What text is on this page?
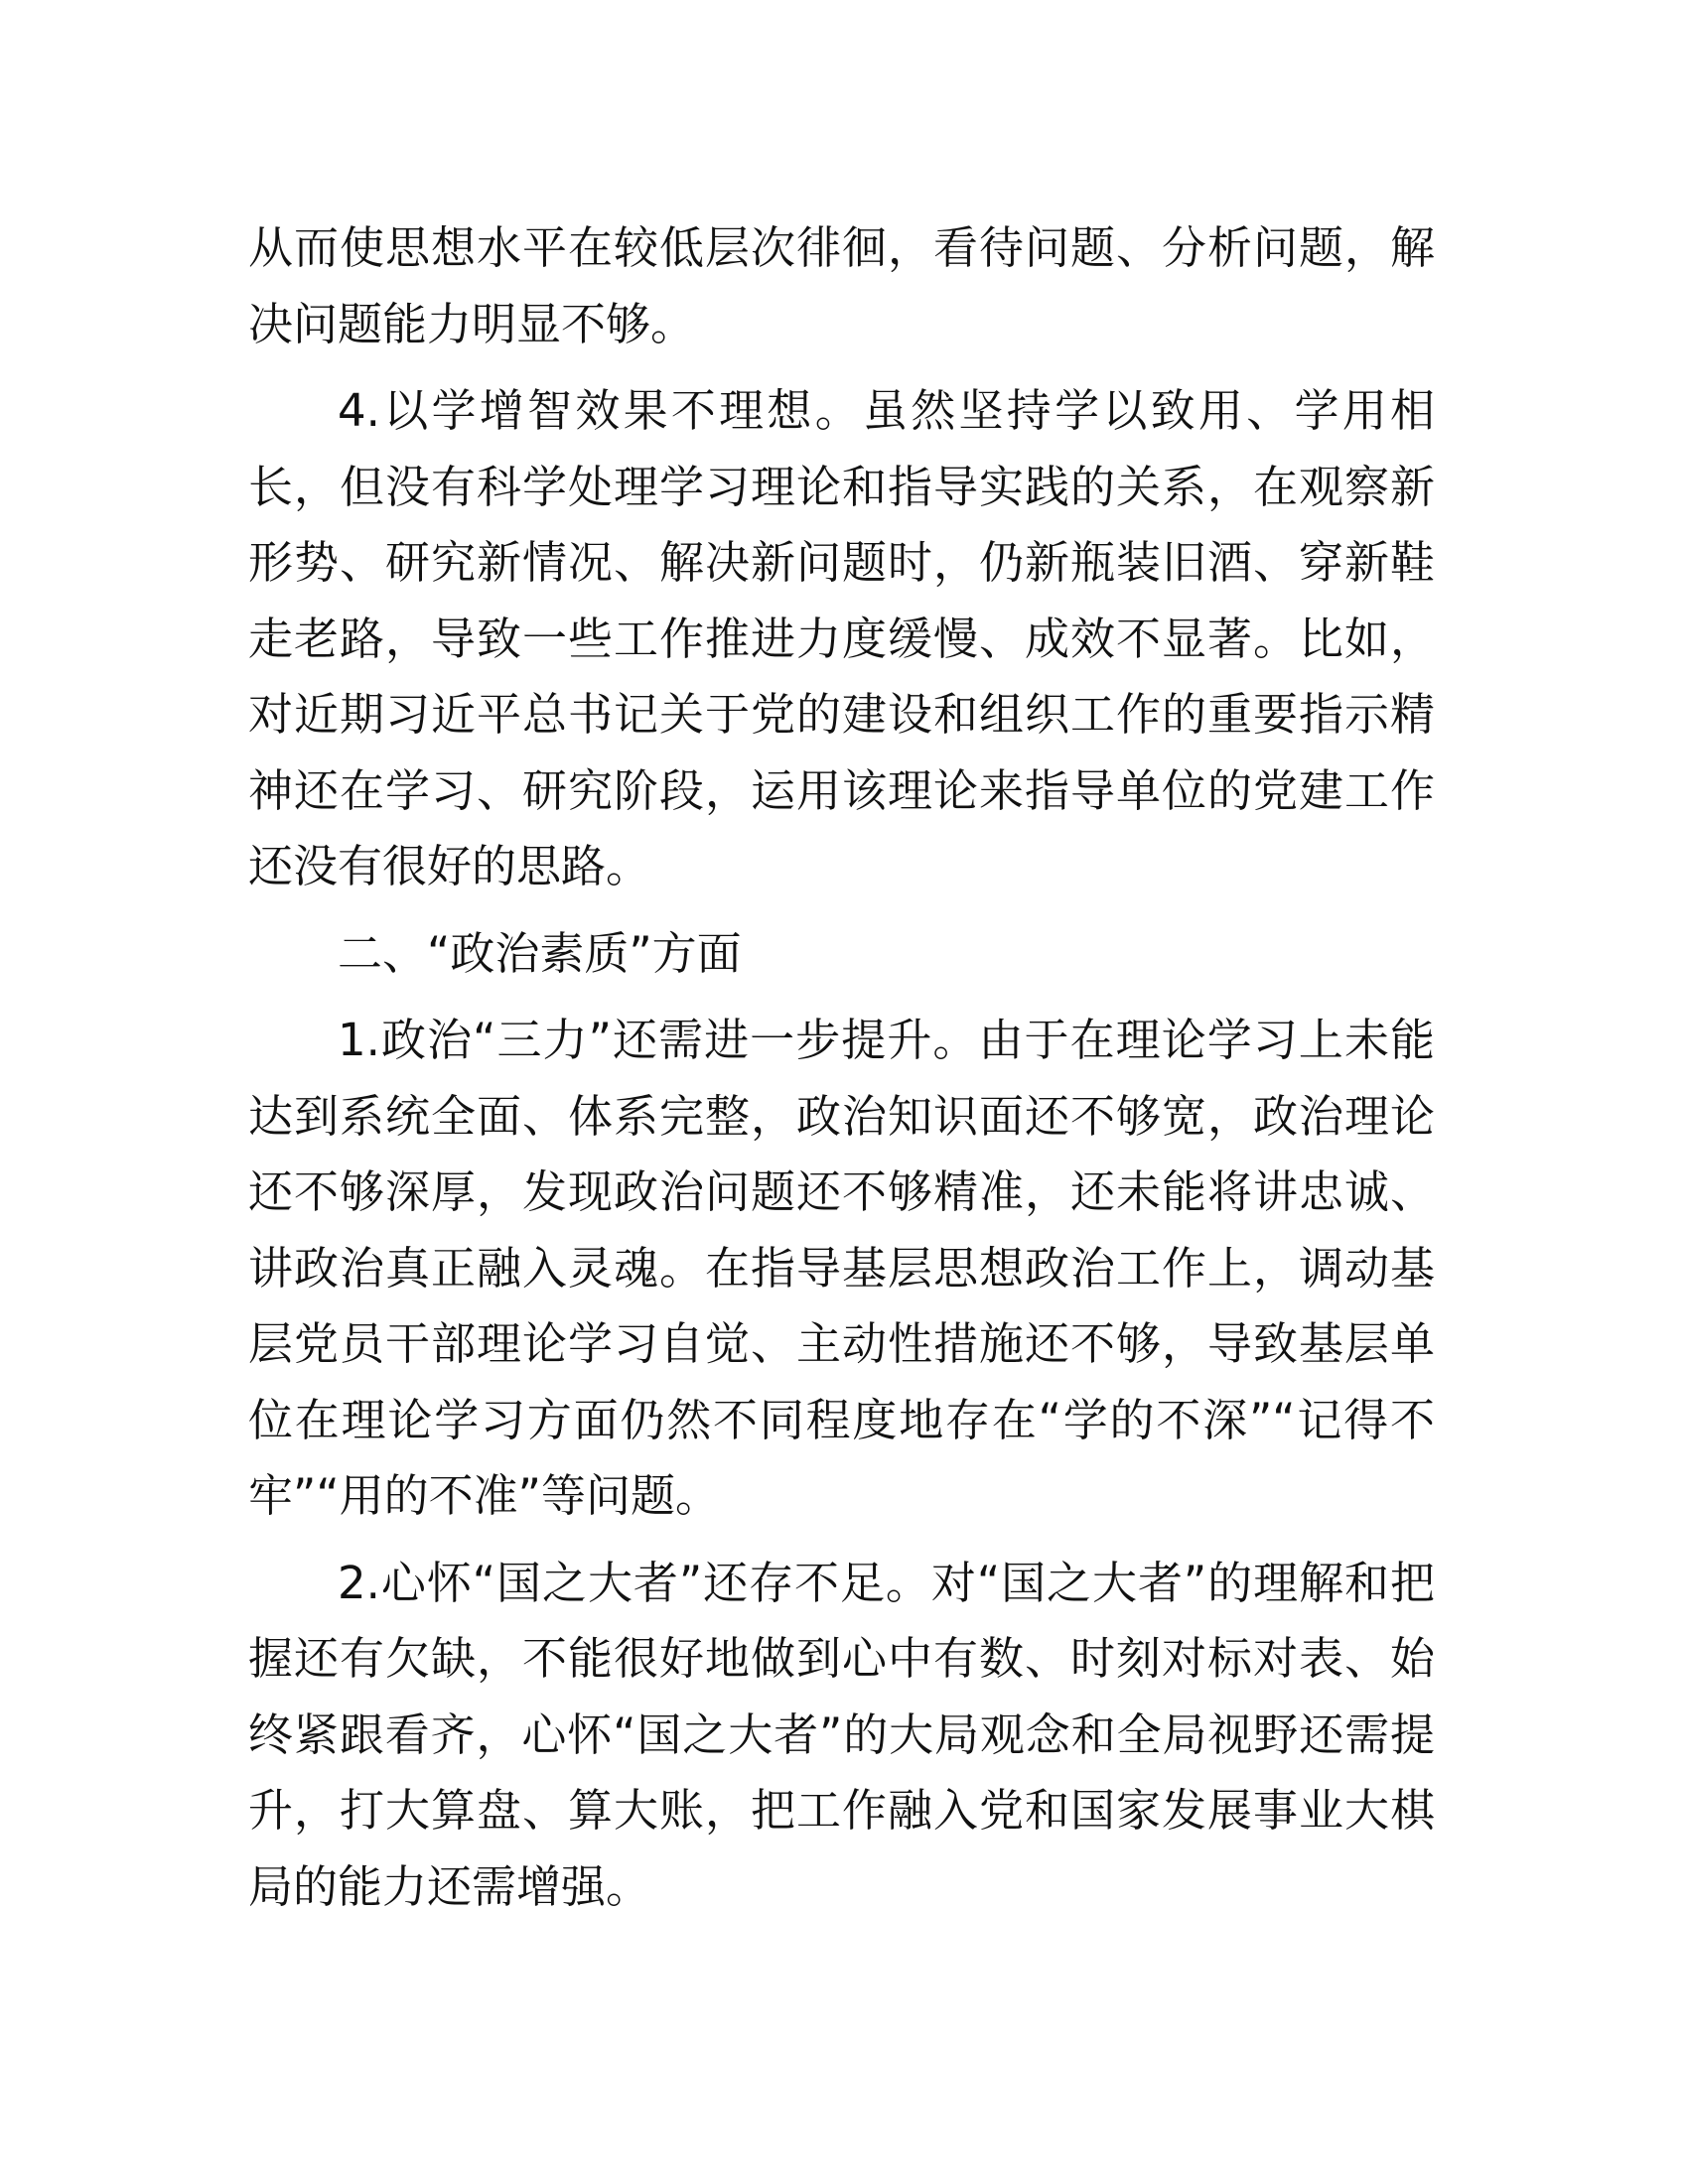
从而使思想水平在较低层次徘徊，看待问题、分析问题，解决问题能力明显不够。

4.以学增智效果不理想。虽然坚持学以致用、学用相长，但没有科学处理学习理论和指导实践的关系，在观察新形势、研究新情况、解决新问题时，仍新瓶装旧酒、穿新鞋走老路，导致一些工作推进力度缓慢、成效不显著。比如，对近期习近平总书记关于党的建设和组织工作的重要指示精神还在学习、研究阶段，运用该理论来指导单位的党建工作还没有很好的思路。

二、“政治素质”方面

1.政治“三力”还需进一步提升。由于在理论学习上未能达到系统全面、体系完整，政治知识面还不够宽，政治理论还不够深厚，发现政治问题还不够精准，还未能将讲忠诚、讲政治真正融入灵魂。在指导基层思想政治工作上，调动基层党员干部理论学习自觉、主动性措施还不够，导致基层单位在理论学习方面仍然不同程度地存在“学的不深”“记得不牢”“用的不准”等问题。

2.心怀“国之大者”还存不足。对“国之大者”的理解和把握还有欠缺，不能很好地做到心中有数、时刻对标对表、始终紧跟看齐，心怀“国之大者”的大局观念和全局视野还需提升，打大算盘、算大账，把工作融入党和国家发展事业大棋局的能力还需增强。
